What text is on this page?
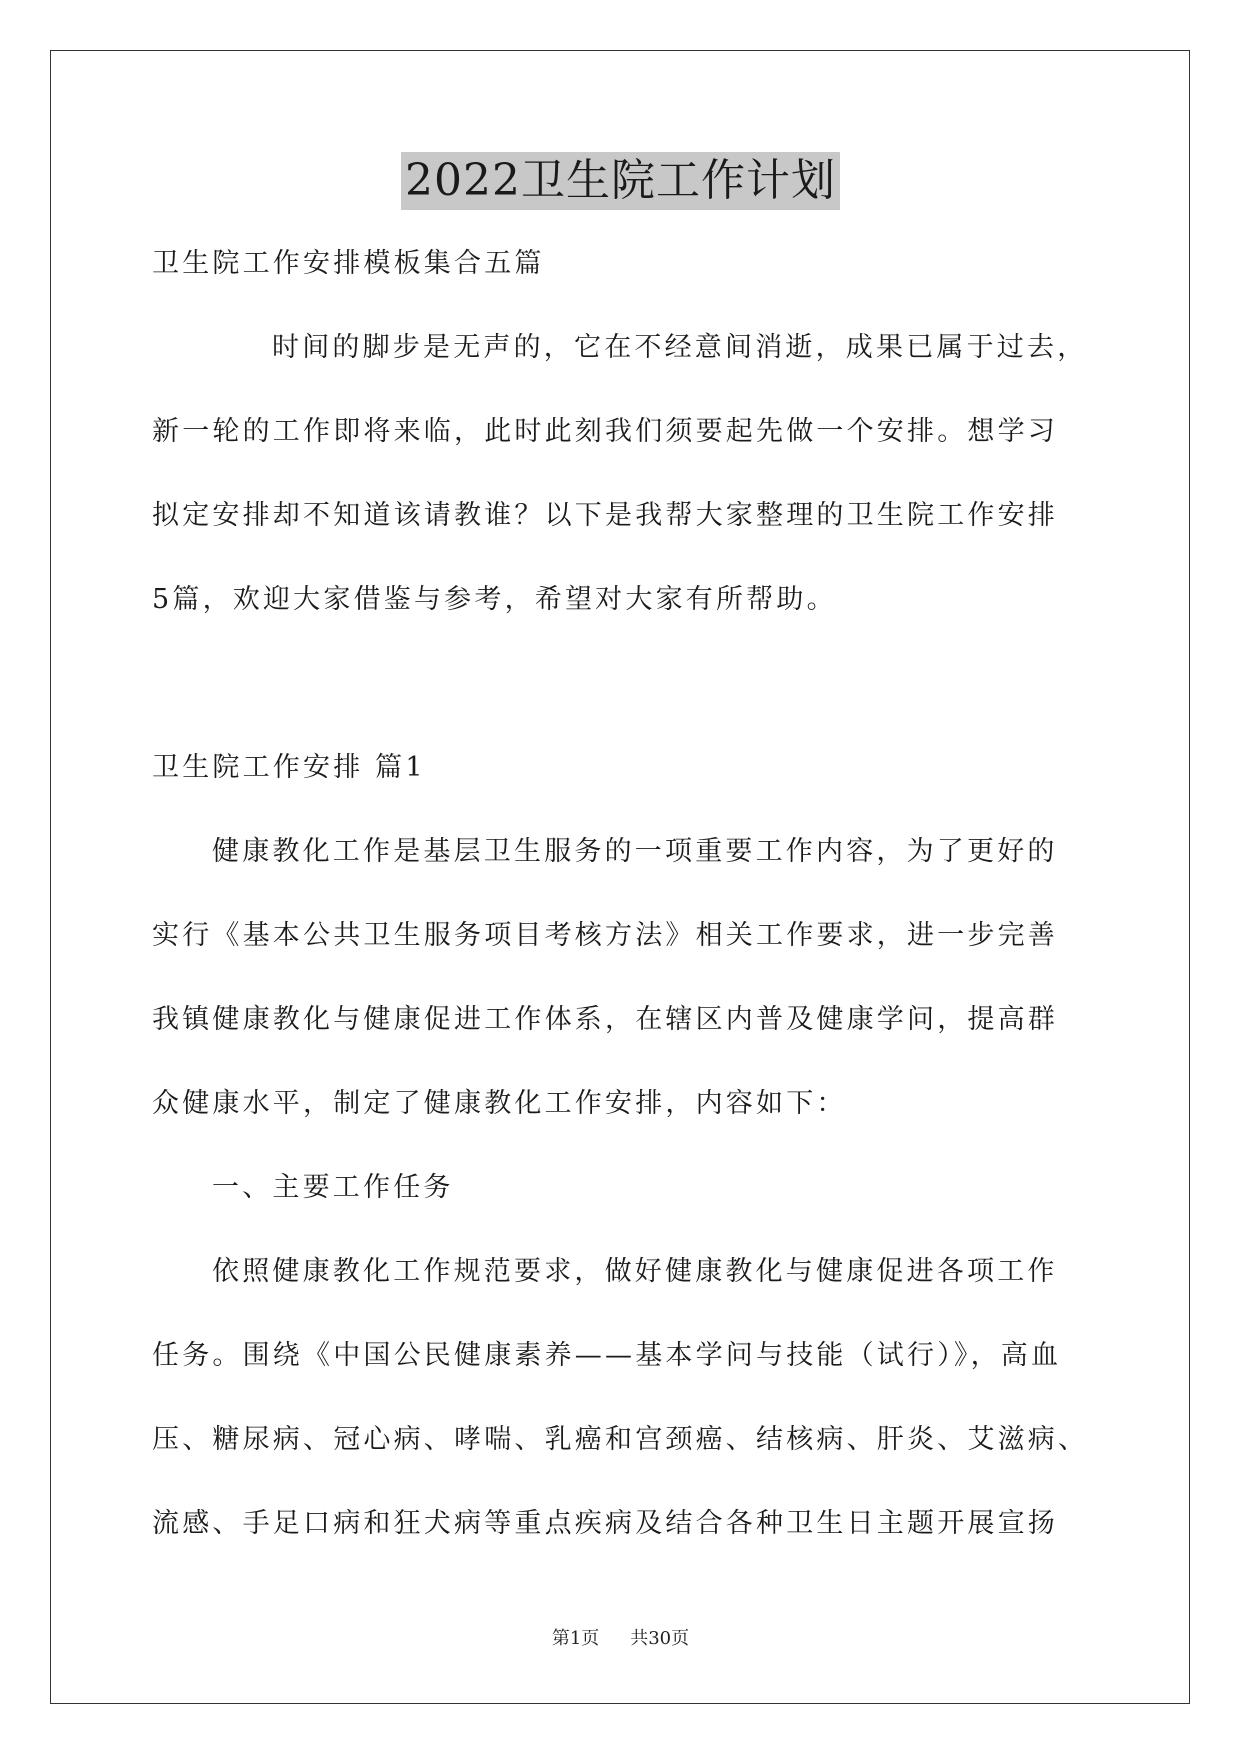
2022卫生院工作计划
卫生院工作安排模板集合五篇
时间的脚步是无声的，它在不经意间消逝，成果已属于过去，
新一轮的工作即将来临，此时此刻我们须要起先做一个安排。想学习
拟定安排却不知道该请教谁？以下是我帮大家整理的卫生院工作安排
5篇，欢迎大家借鉴与参考，希望对大家有所帮助。
卫生院工作安排 篇1
健康教化工作是基层卫生服务的一项重要工作内容，为了更好的
实行《基本公共卫生服务项目考核方法》相关工作要求，进一步完善
我镇健康教化与健康促进工作体系，在辖区内普及健康学问，提高群
众健康水平，制定了健康教化工作安排，内容如下：
一、主要工作任务
依照健康教化工作规范要求，做好健康教化与健康促进各项工作
任务。围绕《中国公民健康素养——基本学问与技能（试行）》，高血
压、糖尿病、冠心病、哮喘、乳癌和宫颈癌、结核病、肝炎、艾滋病、
流感、手足口病和狂犬病等重点疾病及结合各种卫生日主题开展宣扬
第1页 共30页
